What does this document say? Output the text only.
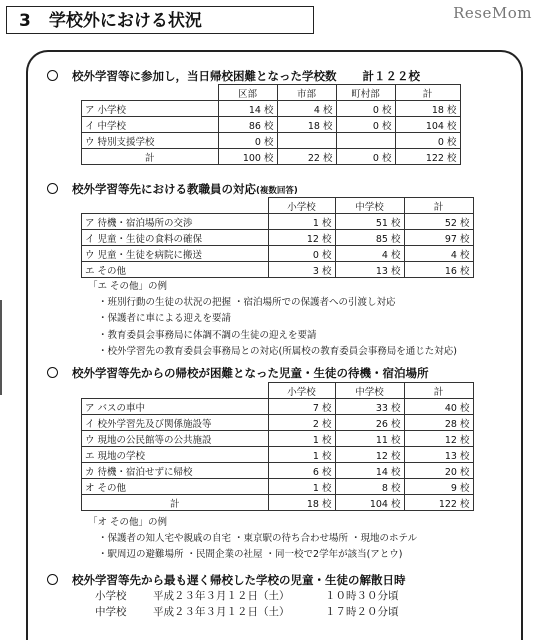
3 学校外における状況	ReseMom
校外学習等に参加し，当日帰校困難となった学校数 計１２２校
	区部	市部	町村部	計
ア 小学校	14 校	4 校	0 校	18 校
イ 中学校	86 校	18 校	0 校	104 校
ウ 特別支援学校	0 校			0 校
計	100 校	22 校	0 校	122 校
校外学習等先における教職員の対応(複数回答)
	小学校	中学校	計
ア 待機・宿泊場所の交渉	1 校	51 校	52 校
イ 児童・生徒の食料の確保	12 校	85 校	97 校
ウ 児童・生徒を病院に搬送	0 校	4 校	4 校
エ その他	3 校	13 校	16 校
「エ その他」の例
・班別行動の生徒の状況の把握 ・宿泊場所での保護者への引渡し対応
・保護者に車による迎えを要請
・教育委員会事務局に体調不調の生徒の迎えを要請
・校外学習先の教育委員会事務局との対応(所属校の教育委員会事務局を通じた対応)
校外学習等先からの帰校が困難となった児童・生徒の待機・宿泊場所
	小学校	中学校	計
ア バスの車中	7 校	33 校	40 校
イ 校外学習先及び関係施設等	2 校	26 校	28 校
ウ 現地の公民館等の公共施設	1 校	11 校	12 校
エ 現地の学校	1 校	12 校	13 校
カ 待機・宿泊せずに帰校	6 校	14 校	20 校
オ その他	1 校	8 校	9 校
計	18 校	104 校	122 校
「オ その他」の例
・保護者の知人宅や親戚の自宅 ・東京駅の待ち合わせ場所 ・現地のホテル
・駅周辺の避難場所 ・民間企業の社屋 ・同一校で2学年が該当(アとウ)
校外学習等先から最も遅く帰校した学校の児童・生徒の解散日時
小学校	平成２３年３月１２日（土）	１０時３０分頃
中学校	平成２３年３月１２日（土）	１７時２０分頃
